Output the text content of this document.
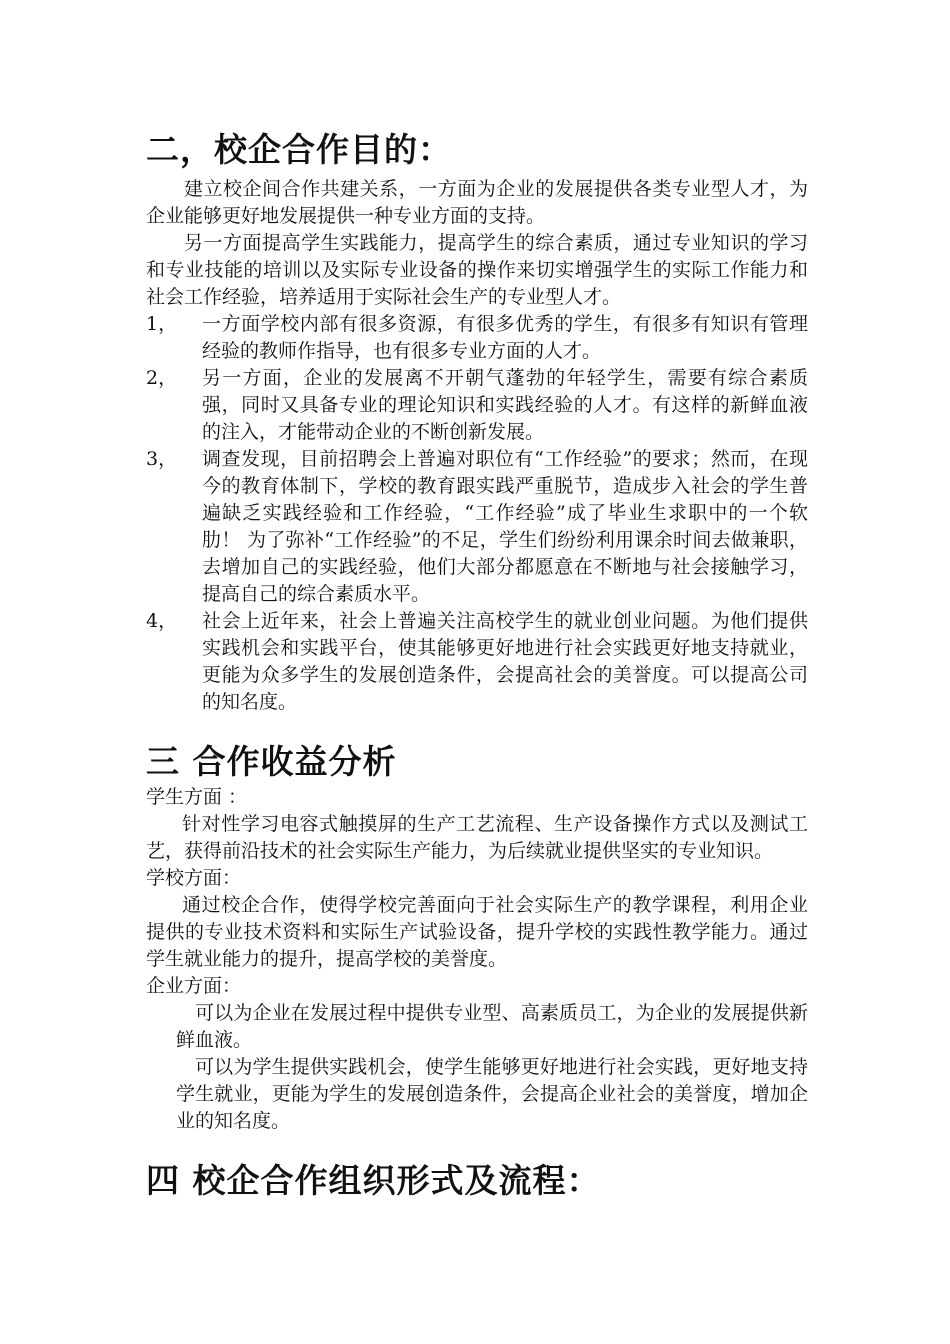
二，校企合作目的：

建立校企间合作共建关系，一方面为企业的发展提供各类专业型人才，为企业能够更好地发展提供一种专业方面的支持。

另一方面提高学生实践能力，提高学生的综合素质，通过专业知识的学习和专业技能的培训以及实际专业设备的操作来切实增强学生的实际工作能力和社会工作经验，培养适用于实际社会生产的专业型人才。

1，	一方面学校内部有很多资源，有很多优秀的学生，有很多有知识有管理经验的教师作指导，也有很多专业方面的人才。
2，	另一方面，企业的发展离不开朝气蓬勃的年轻学生，需要有综合素质强，同时又具备专业的理论知识和实践经验的人才。有这样的新鲜血液的注入，才能带动企业的不断创新发展。
3，	调查发现，目前招聘会上普遍对职位有“工作经验”的要求；然而，在现今的教育体制下，学校的教育跟实践严重脱节，造成步入社会的学生普遍缺乏实践经验和工作经验，“工作经验”成了毕业生求职中的一个软肋！ 为了弥补“工作经验”的不足，学生们纷纷利用课余时间去做兼职，去增加自己的实践经验，他们大部分都愿意在不断地与社会接触学习，提高自己的综合素质水平。
4，	社会上近年来，社会上普遍关注高校学生的就业创业问题。为他们提供实践机会和实践平台，使其能够更好地进行社会实践更好地支持就业，更能为众多学生的发展创造条件，会提高社会的美誉度。可以提高公司的知名度。
三 合作收益分析

学生方面 ：

针对性学习电容式触摸屏的生产工艺流程、生产设备操作方式以及测试工艺，获得前沿技术的社会实际生产能力，为后续就业提供坚实的专业知识。

学校方面：

通过校企合作，使得学校完善面向于社会实际生产的教学课程，利用企业提供的专业技术资料和实际生产试验设备，提升学校的实践性教学能力。通过学生就业能力的提升，提高学校的美誉度。

企业方面：

可以为企业在发展过程中提供专业型、高素质员工，为企业的发展提供新鲜血液。

可以为学生提供实践机会，使学生能够更好地进行社会实践，更好地支持学生就业，更能为学生的发展创造条件，会提高企业社会的美誉度，增加企业的知名度。

四 校企合作组织形式及流程：
